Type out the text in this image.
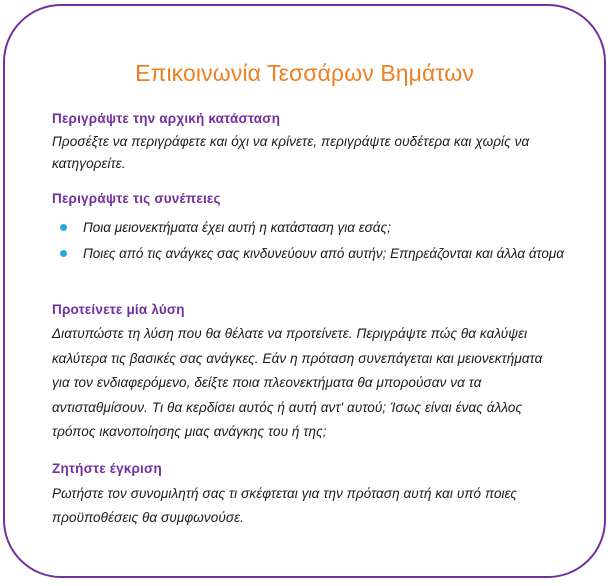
Επικοινωνία Τεσσάρων Βημάτων
Περιγράψτε την αρχική κατάσταση
Προσέξτε να περιγράφετε και όχι να κρίνετε, περιγράψτε ουδέτερα και χωρίς να κατηγορείτε.
Περιγράψτε τις συνέπειες
Ποια μειονεκτήματα έχει αυτή η κατάσταση για εσάς;
Ποιες από τις ανάγκες σας κινδυνεύουν από αυτήν; Επηρεάζονται και άλλα άτομα
Προτείνετε μία λύση
Διατυπώστε τη λύση που θα θέλατε να προτείνετε. Περιγράψτε πώς θα καλύψει καλύτερα τις βασικές σας ανάγκες. Εάν η πρόταση συνεπάγεται και μειονεκτήματα για τον ενδιαφερόμενο, δείξτε ποια πλεονεκτήματα θα μπορούσαν να τα αντισταθμίσουν. Τι θα κερδίσει αυτός ή αυτή αντ' αυτού; Ίσως είναι ένας άλλος τρόπος ικανοποίησης μιας ανάγκης του ή της;
Ζητήστε έγκριση
Ρωτήστε τον συνομιλητή σας τι σκέφτεται για την πρόταση αυτή και υπό ποιες προϋποθέσεις θα συμφωνούσε.
